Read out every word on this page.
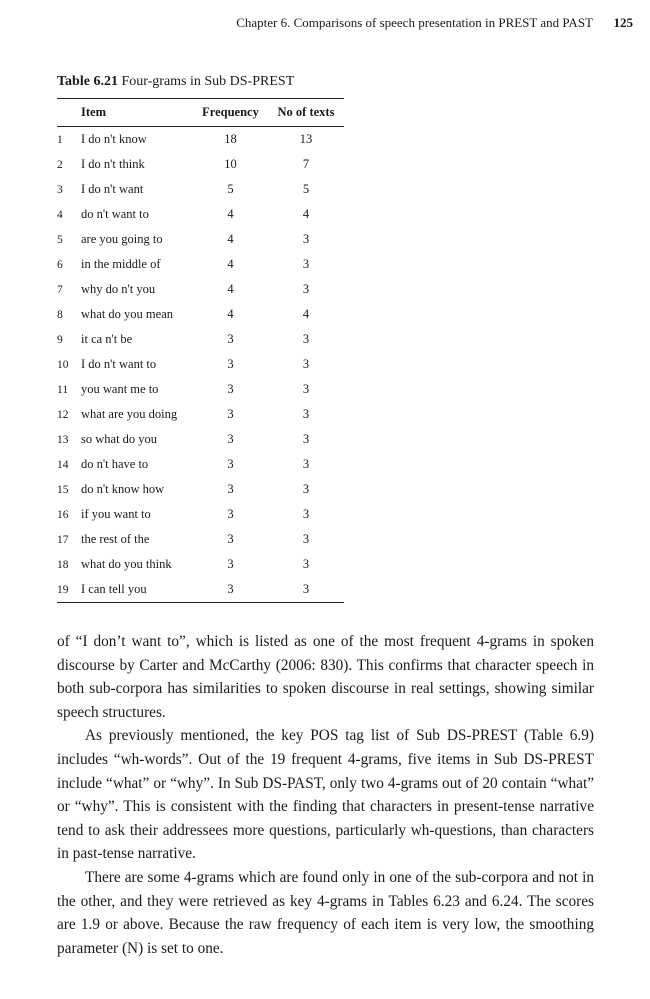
Chapter 6. Comparisons of speech presentation in PREST and PAST 125
Table 6.21 Four-grams in Sub DS-PREST
	Item	Frequency	No of texts
1	I do n't know	18	13
2	I do n't think	10	7
3	I do n't want	5	5
4	do n't want to	4	4
5	are you going to	4	3
6	in the middle of	4	3
7	why do n't you	4	3
8	what do you mean	4	4
9	it ca n't be	3	3
10	I do n't want to	3	3
11	you want me to	3	3
12	what are you doing	3	3
13	so what do you	3	3
14	do n't have to	3	3
15	do n't know how	3	3
16	if you want to	3	3
17	the rest of the	3	3
18	what do you think	3	3
19	I can tell you	3	3

of “I don’t want to”, which is listed as one of the most frequent 4-grams in spoken discourse by Carter and McCarthy (2006: 830). This confirms that character speech in both sub-corpora has similarities to spoken discourse in real settings, showing similar speech structures.

As previously mentioned, the key POS tag list of Sub DS-PREST (Table 6.9) includes “wh-words”. Out of the 19 frequent 4-grams, five items in Sub DS-PREST include “what” or “why”. In Sub DS-PAST, only two 4-grams out of 20 contain “what” or “why”. This is consistent with the finding that characters in present-tense narrative tend to ask their addressees more questions, particularly wh-questions, than characters in past-tense narrative.

There are some 4-grams which are found only in one of the sub-corpora and not in the other, and they were retrieved as key 4-grams in Tables 6.23 and 6.24. The scores are 1.9 or above. Because the raw frequency of each item is very low, the smoothing parameter (N) is set to one.
